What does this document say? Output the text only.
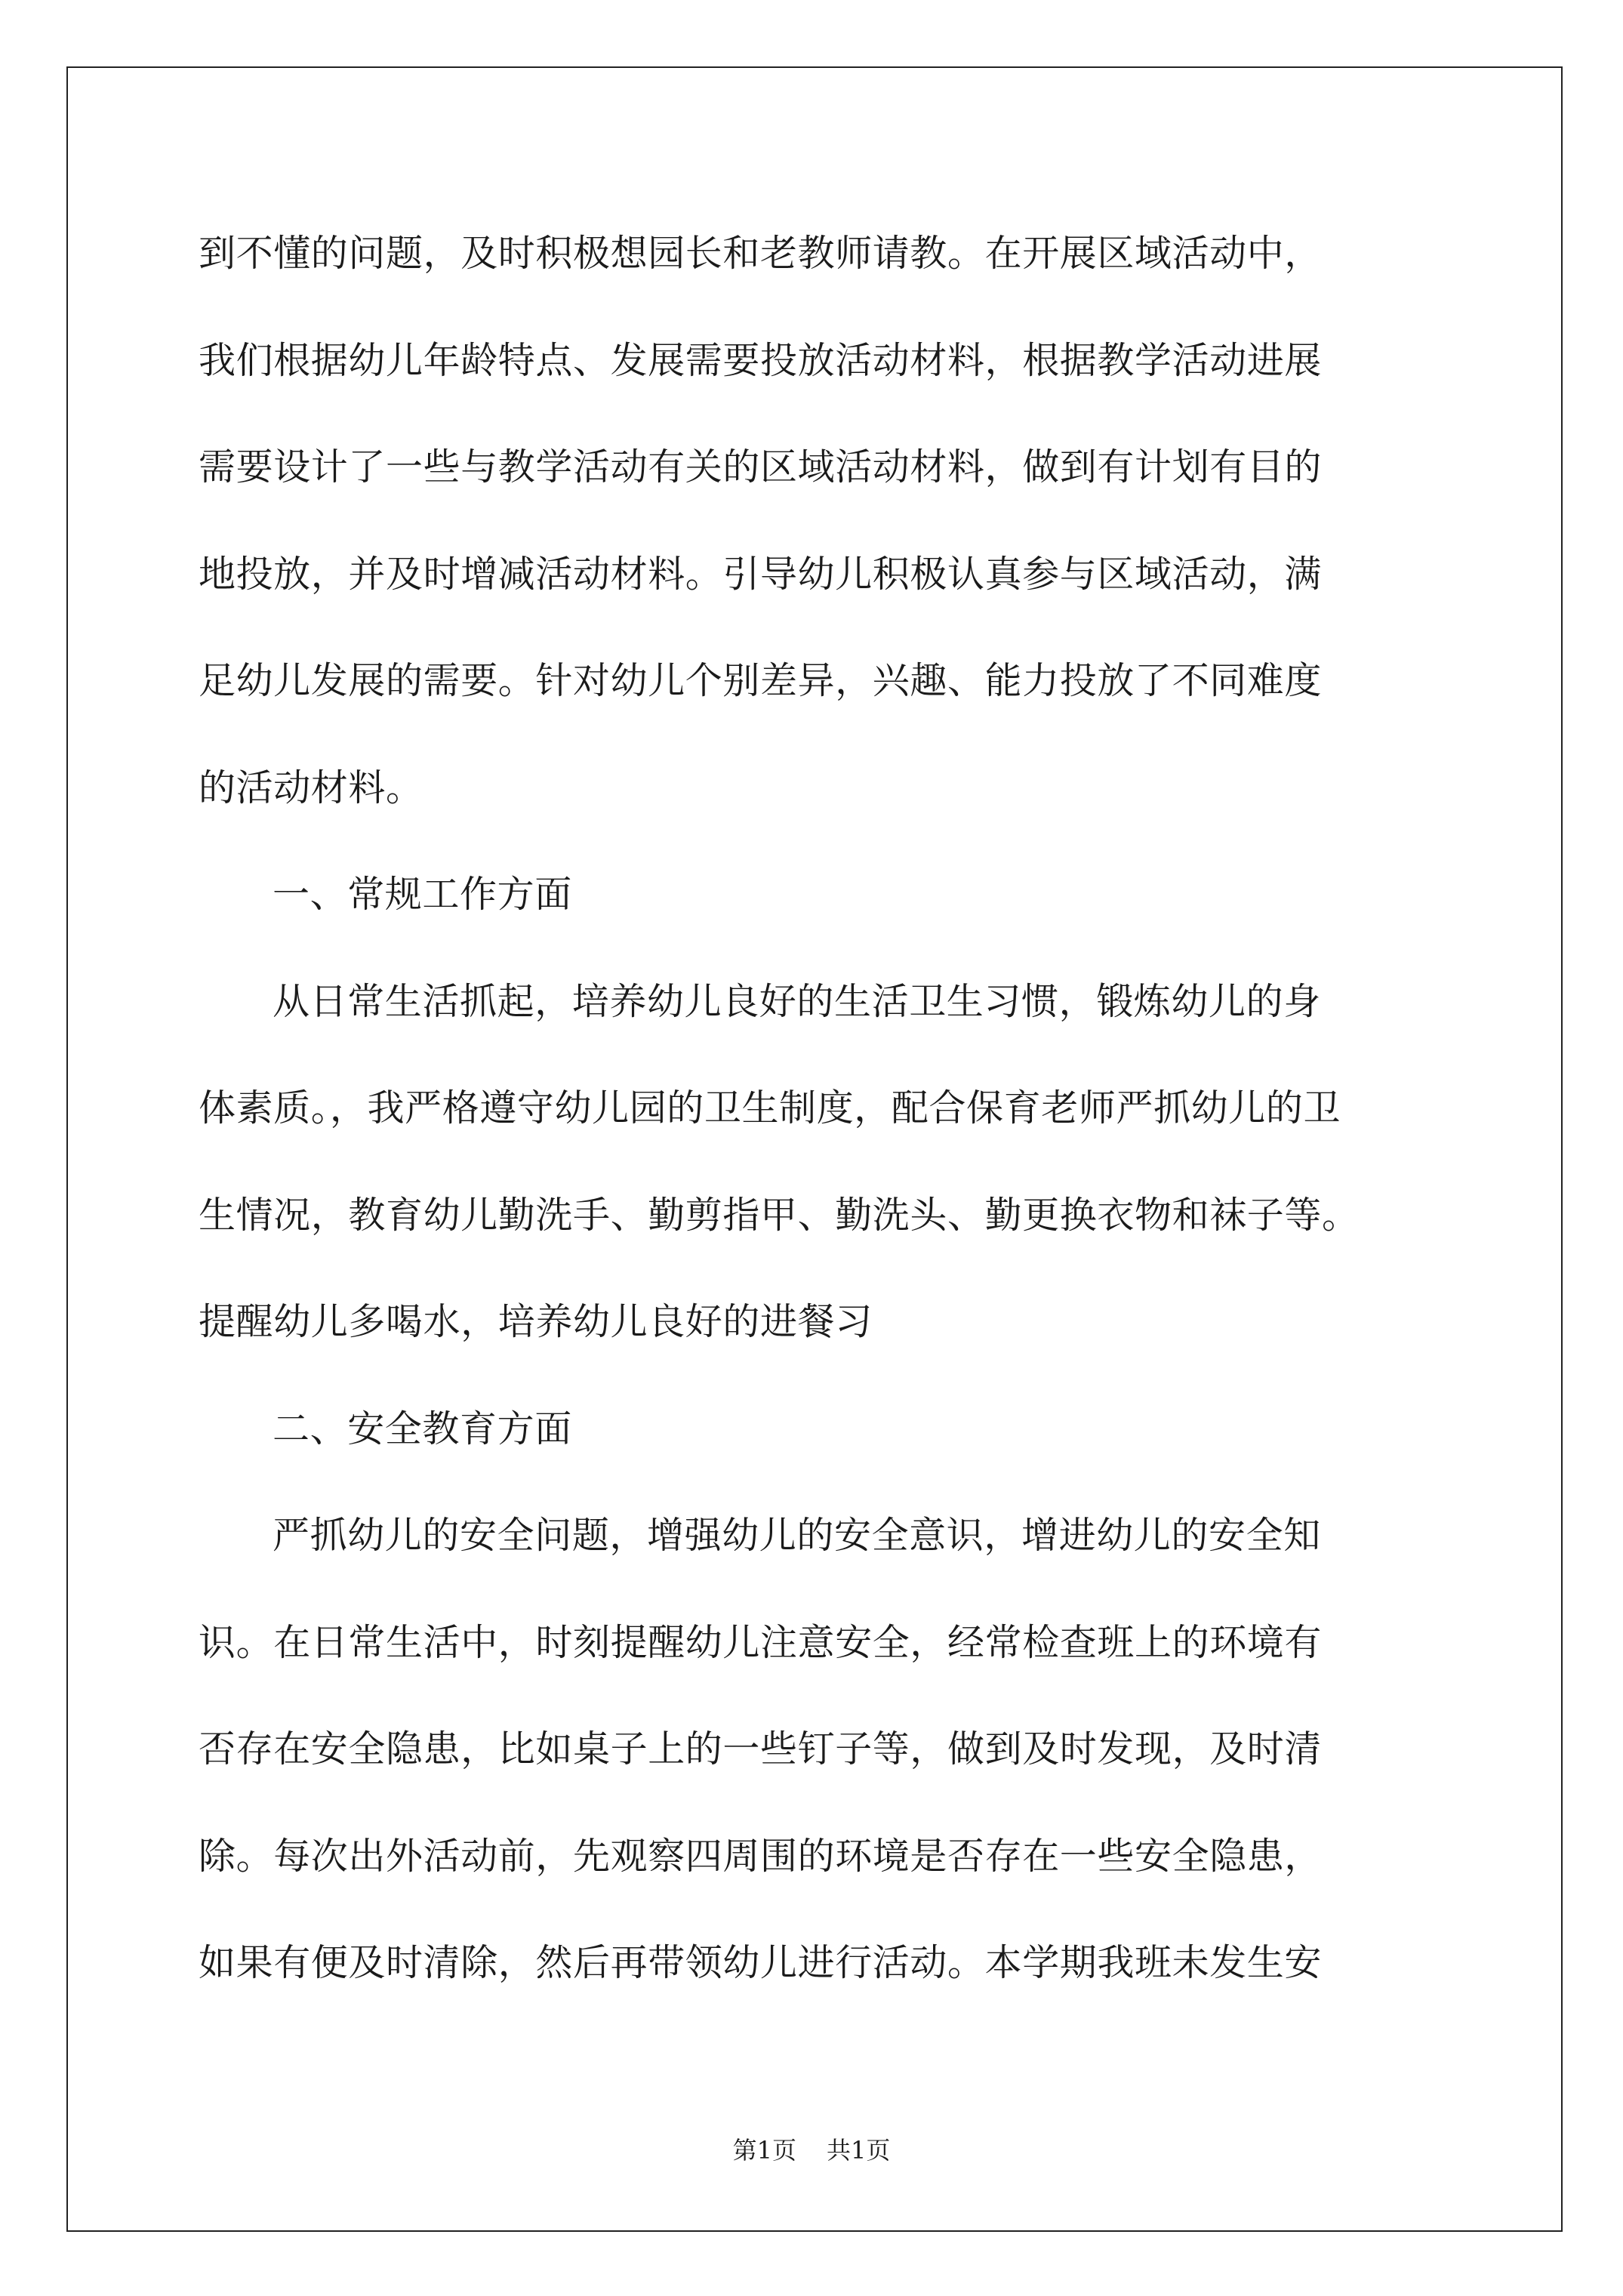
到不懂的问题，及时积极想园长和老教师请教。在开展区域活动中，
我们根据幼儿年龄特点、发展需要投放活动材料，根据教学活动进展
需要设计了一些与教学活动有关的区域活动材料，做到有计划有目的
地投放，并及时增减活动材料。引导幼儿积极认真参与区域活动，满
足幼儿发展的需要。针对幼儿个别差异，兴趣、能力投放了不同难度
的活动材料。
一、常规工作方面
从日常生活抓起，培养幼儿良好的生活卫生习惯，锻炼幼儿的身
体素质。，我严格遵守幼儿园的卫生制度，配合保育老师严抓幼儿的卫
生情况，教育幼儿勤洗手、勤剪指甲、勤洗头、勤更换衣物和袜子等。
提醒幼儿多喝水，培养幼儿良好的进餐习
二、安全教育方面
严抓幼儿的安全问题，增强幼儿的安全意识，增进幼儿的安全知
识。在日常生活中，时刻提醒幼儿注意安全，经常检查班上的环境有
否存在安全隐患，比如桌子上的一些钉子等，做到及时发现，及时清
除。每次出外活动前，先观察四周围的环境是否存在一些安全隐患，
如果有便及时清除，然后再带领幼儿进行活动。本学期我班未发生安
第1页 共1页
